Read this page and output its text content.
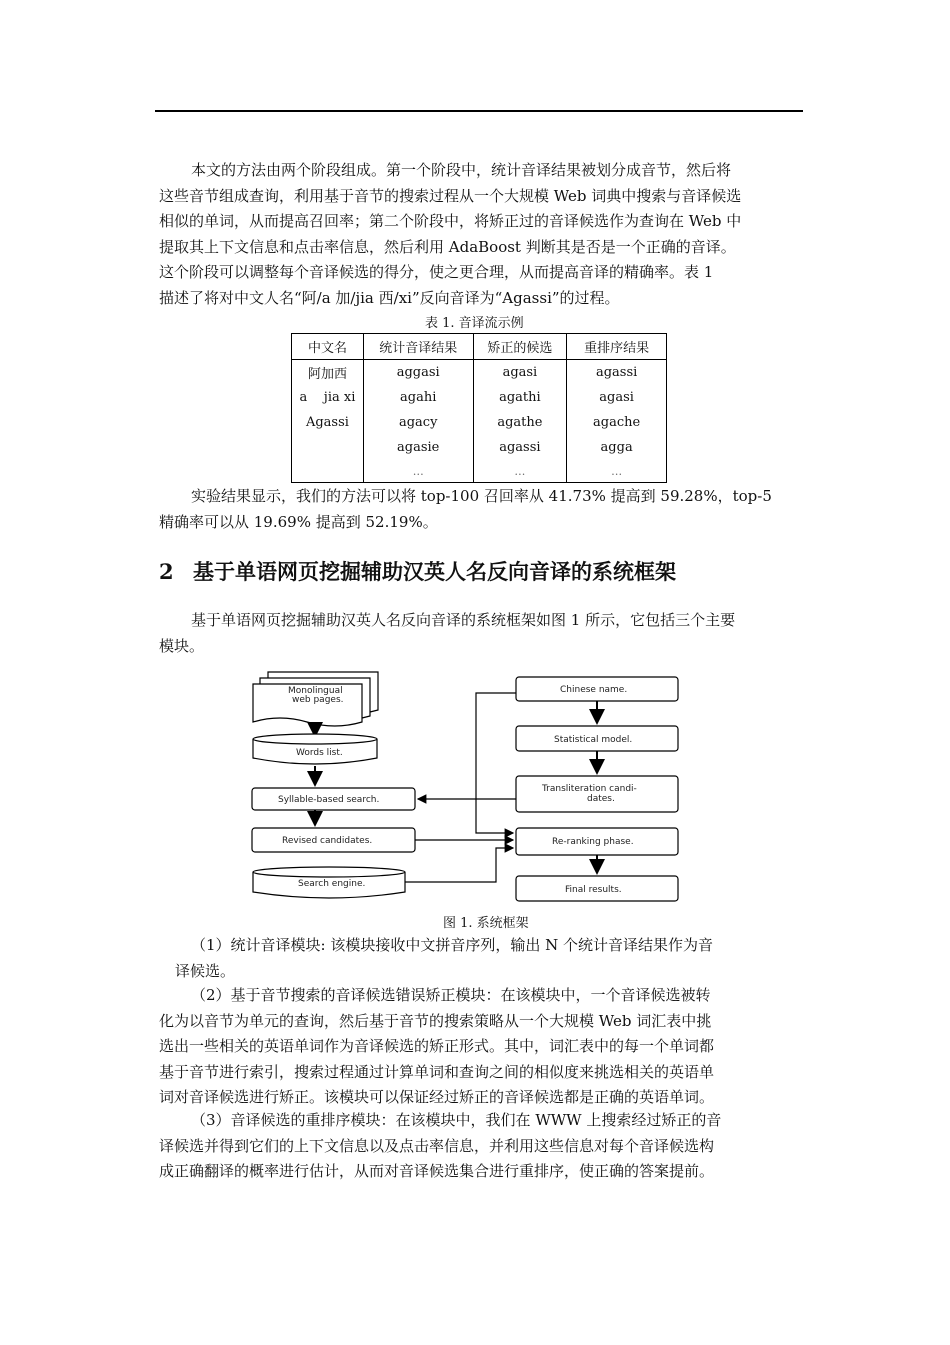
本文的方法由两个阶段组成。第一个阶段中，统计音译结果被划分成音节，然后将
这些音节组成查询，利用基于音节的搜索过程从一个大规模 Web 词典中搜索与音译候选
相似的单词，从而提高召回率；第二个阶段中，将矫正过的音译候选作为查询在 Web 中
提取其上下文信息和点击率信息，然后利用 AdaBoost 判断其是否是一个正确的音译。
这个阶段可以调整每个音译候选的得分，使之更合理，从而提高音译的精确率。表 1
描述了将对中文人名“阿/a 加/jia 西/xi”反向音译为“Agassi”的过程。
表 1. 音译流示例
中文名	统计音译结果	矫正的候选	重排序结果
阿加西	aggasi	agasi	agassi
a    jia xi	agahi	agathi	agasi
Agassi	agacy	agathe	agache
	agasie	agassi	agga
	…	…	…
实验结果显示，我们的方法可以将 top-100 召回率从 41.73% 提高到 59.28%，top-5
精确率可以从 19.69% 提高到 52.19%。
2 基于单语网页挖掘辅助汉英人名反向音译的系统框架
基于单语网页挖掘辅助汉英人名反向音译的系统框架如图 1 所示，它包括三个主要
模块。
Monolingual
web pages.
Words list.
Syllable-based search.
Revised candidates.
Search engine.
Chinese name.
Statistical model.
Transliteration candi-
dates.
Re-ranking phase.
Final results.
图 1. 系统框架
（1）统计音译模块: 该模块接收中文拼音序列，输出 N 个统计音译结果作为音
译候选。
（2）基于音节搜索的音译候选错误矫正模块：在该模块中，一个音译候选被转
化为以音节为单元的查询，然后基于音节的搜索策略从一个大规模 Web 词汇表中挑
选出一些相关的英语单词作为音译候选的矫正形式。其中，词汇表中的每一个单词都
基于音节进行索引，搜索过程通过计算单词和查询之间的相似度来挑选相关的英语单
词对音译候选进行矫正。该模块可以保证经过矫正的音译候选都是正确的英语单词。
（3）音译候选的重排序模块：在该模块中，我们在 WWW 上搜索经过矫正的音
译候选并得到它们的上下文信息以及点击率信息，并利用这些信息对每个音译候选构
成正确翻译的概率进行估计，从而对音译候选集合进行重排序，使正确的答案提前。
